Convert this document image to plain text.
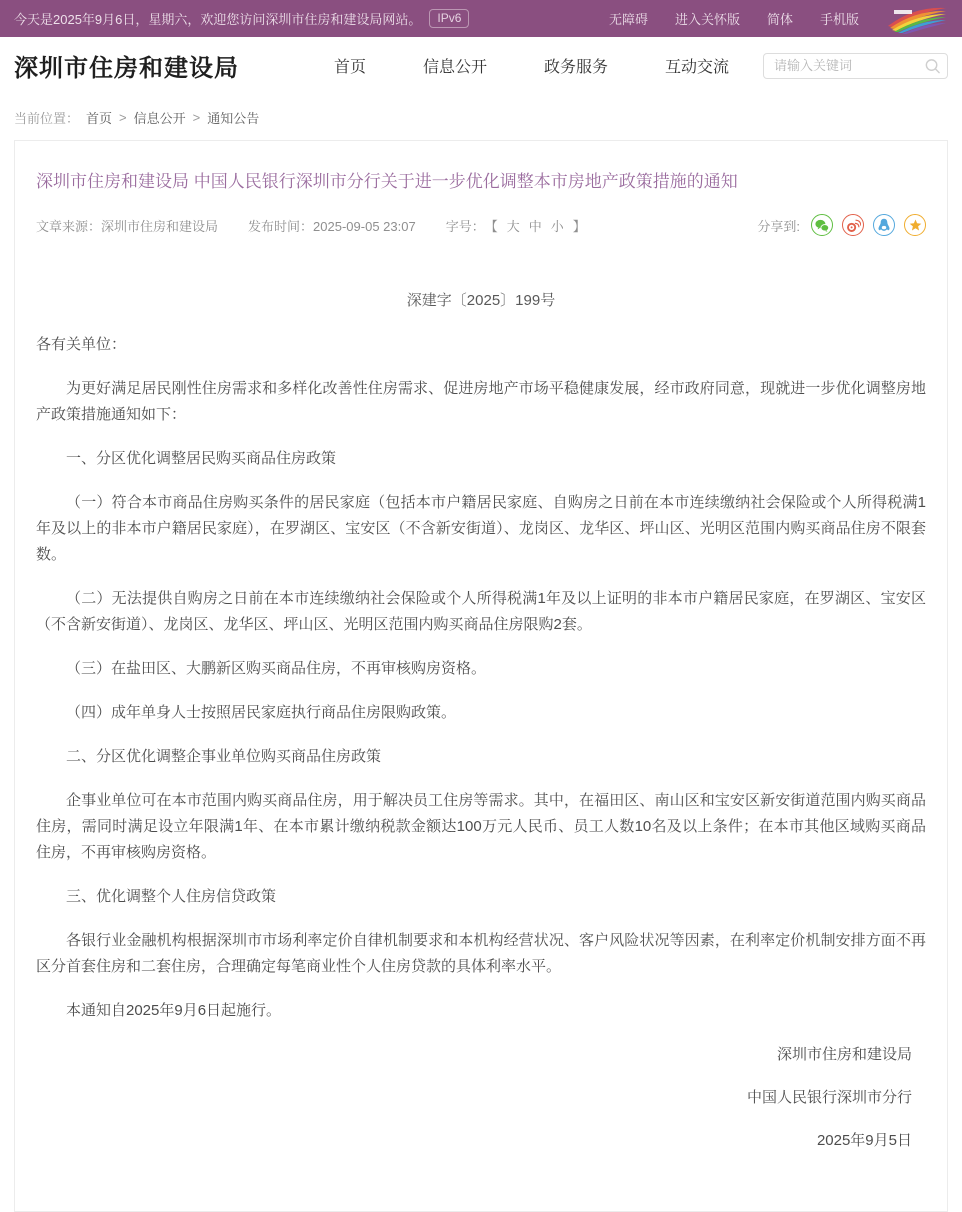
今天是2025年9月6日，星期六，欢迎您访问深圳市住房和建设局网站。	IPv6	无障碍 进入关怀版 简体 手机版
深圳市住房和建设局	首页	信息公开	政务服务	互动交流
请输入关键词
当前位置： 首页 > 信息公开 > 通知公告
深圳市住房和建设局 中国人民银行深圳市分行关于进一步优化调整本市房地产政策措施的通知
文章来源：深圳市住房和建设局 发布时间：2025-09-05 23:07 字号： 【 大 中 小 】	分享到:
深建字〔2025〕199号

各有关单位：

为更好满足居民刚性住房需求和多样化改善性住房需求、促进房地产市场平稳健康发展，经市政府同意，现就进一步优化调整房地产政策措施通知如下：

一、分区优化调整居民购买商品住房政策

（一）符合本市商品住房购买条件的居民家庭（包括本市户籍居民家庭、自购房之日前在本市连续缴纳社会保险或个人所得税满1年及以上的非本市户籍居民家庭），在罗湖区、宝安区（不含新安街道）、龙岗区、龙华区、坪山区、光明区范围内购买商品住房不限套数。

（二）无法提供自购房之日前在本市连续缴纳社会保险或个人所得税满1年及以上证明的非本市户籍居民家庭，在罗湖区、宝安区（不含新安街道）、龙岗区、龙华区、坪山区、光明区范围内购买商品住房限购2套。

（三）在盐田区、大鹏新区购买商品住房，不再审核购房资格。

（四）成年单身人士按照居民家庭执行商品住房限购政策。

二、分区优化调整企事业单位购买商品住房政策

企事业单位可在本市范围内购买商品住房，用于解决员工住房等需求。其中，在福田区、南山区和宝安区新安街道范围内购买商品住房，需同时满足设立年限满1年、在本市累计缴纳税款金额达100万元人民币、员工人数10名及以上条件；在本市其他区域购买商品住房，不再审核购房资格。

三、优化调整个人住房信贷政策

各银行业金融机构根据深圳市市场利率定价自律机制要求和本机构经营状况、客户风险状况等因素，在利率定价机制安排方面不再区分首套住房和二套住房，合理确定每笔商业性个人住房贷款的具体利率水平。

本通知自2025年9月6日起施行。

深圳市住房和建设局
中国人民银行深圳市分行
2025年9月5日
